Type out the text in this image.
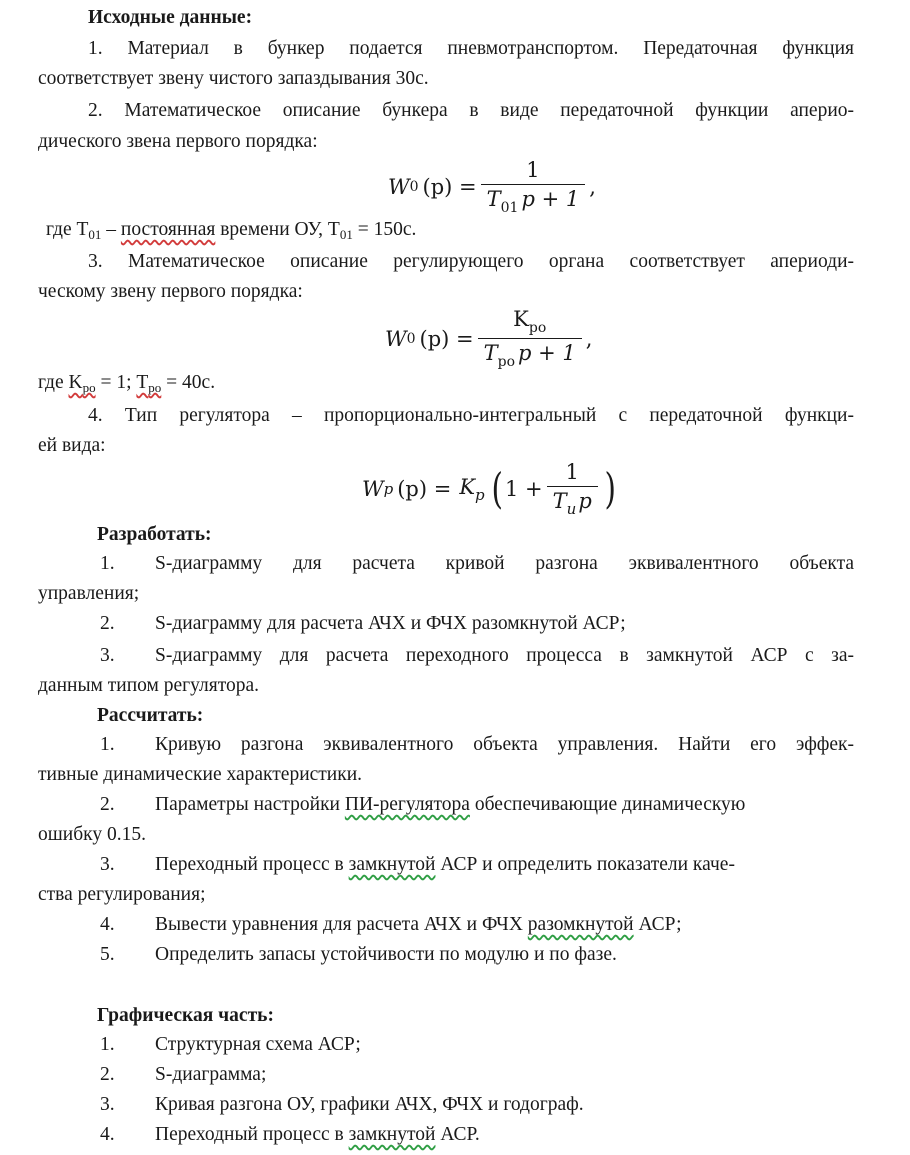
Исходные данные:
1. Материал в бункер подается пневмотранспортом. Передаточная функция
соответствует звену чистого запаздывания 30с.
2. Математическое описание бункера в виде передаточной функции аперио-
дического звена первого порядка:
W 0 $(p) = \frac{1}{T_{01} p + 1}$ ,
где $T_{01}$ – постоянная времени ОУ, $T_{01} = 150с$.
3. Математическое описание регулирующего органа соответствует апериоди-
ческому звену первого порядка:
W 0 $(p) = \frac{K_{ро}}{T_{ро} p + 1}$ ,
где $K_{ро} = 1$; $T_{ро} = 40с$.
4. Тип регулятора – пропорционально-интегральный с передаточной функци-
ей вида:
W p $(p) = K_p$ ( $1 + \frac{1}{T_иp}$ )
Разработать:
1.	S-диаграмму для расчета кривой разгона эквивалентного объекта
управления;
2.	S-диаграмму для расчета АЧХ и ФЧХ разомкнутой АСР;
3.	S-диаграмму для расчета переходного процесса в замкнутой АСР с за-
данным типом регулятора.
Рассчитать:
1.	Кривую разгона эквивалентного объекта управления. Найти его эффек-
тивные динамические характеристики.
2.	Параметры настройки ПИ-регулятора обеспечивающие динамическую
ошибку 0.15.
3.	Переходный процесс в замкнутой АСР и определить показатели каче-
ства регулирования;
4.	Вывести уравнения для расчета АЧХ и ФЧХ разомкнутой АСР;
5.	Определить запасы устойчивости по модулю и по фазе.
Графическая часть:
1.	Структурная схема АСР;
2.	S-диаграмма;
3.	Кривая разгона ОУ, графики АЧХ, ФЧХ и годограф.
4.	Переходный процесс в замкнутой АСР.
